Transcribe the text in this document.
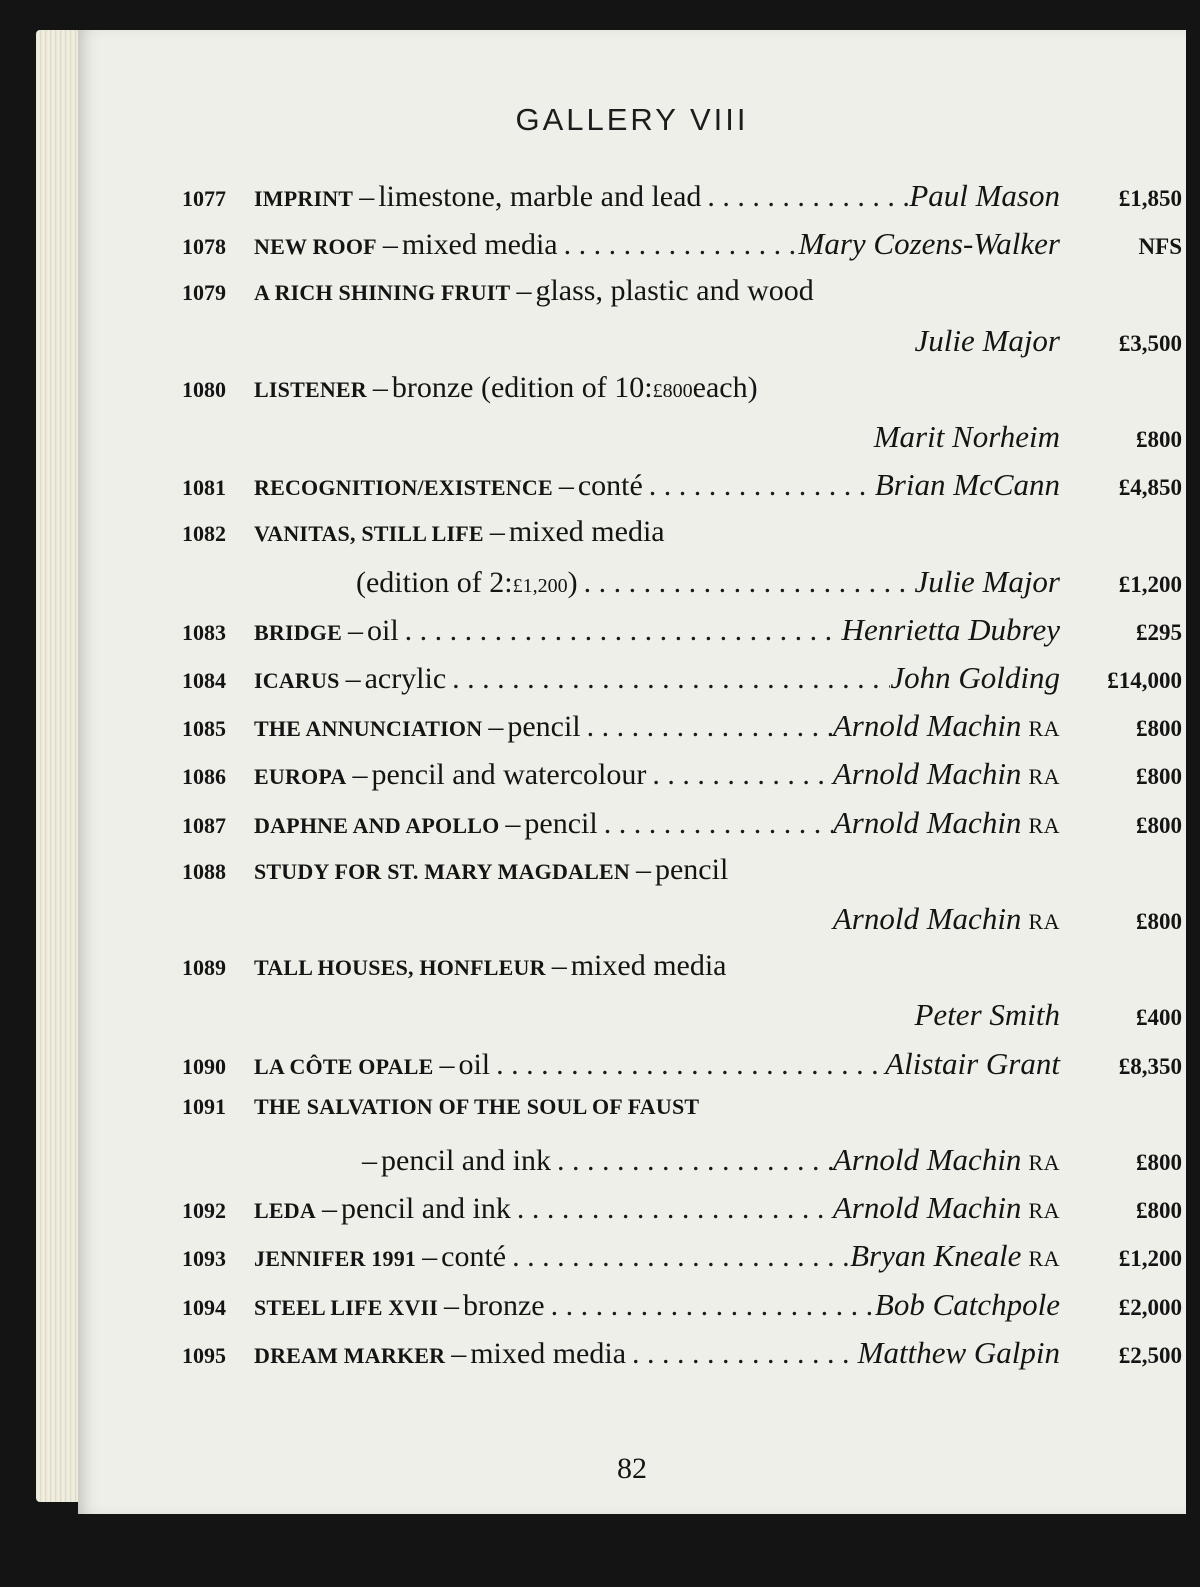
GALLERY VIII
1077	IMPRINT – limestone, marble and lead . . .	Paul Mason	£1,850
1078	NEW ROOF – mixed media . . .	Mary Cozens-Walker	NFS
1079	A RICH SHINING FRUIT – glass, plastic and wood
Julie Major	£3,500
1080	LISTENER – bronze (edition of 10: £800 each)
Marit Norheim	£800
1081	RECOGNITION/EXISTENCE – conté . . .	Brian McCann	£4,850
1082	VANITAS, STILL LIFE – mixed media
(edition of 2: £1,200 ) . . .	Julie Major	£1,200
1083	BRIDGE – oil . . .	Henrietta Dubrey	£295
1084	ICARUS – acrylic . . .	John Golding	£14,000
1085	THE ANNUNCIATION – pencil . . .	Arnold Machin RA	£800
1086	EUROPA – pencil and watercolour . . .	Arnold Machin RA	£800
1087	DAPHNE AND APOLLO – pencil . . .	Arnold Machin RA	£800
1088	STUDY FOR ST. MARY MAGDALEN – pencil
Arnold Machin RA	£800
1089	TALL HOUSES, HONFLEUR – mixed media
Peter Smith	£400
1090	LA CÔTE OPALE – oil . . .	Alistair Grant	£8,350
1091	THE SALVATION OF THE SOUL OF FAUST
– pencil and ink . . .	Arnold Machin RA	£800
1092	LEDA – pencil and ink . . .	Arnold Machin RA	£800
1093	JENNIFER 1991 – conté . . .	Bryan Kneale RA	£1,200
1094	STEEL LIFE XVII – bronze . . .	Bob Catchpole	£2,000
1095	DREAM MARKER – mixed media . . .	Matthew Galpin	£2,500
82
